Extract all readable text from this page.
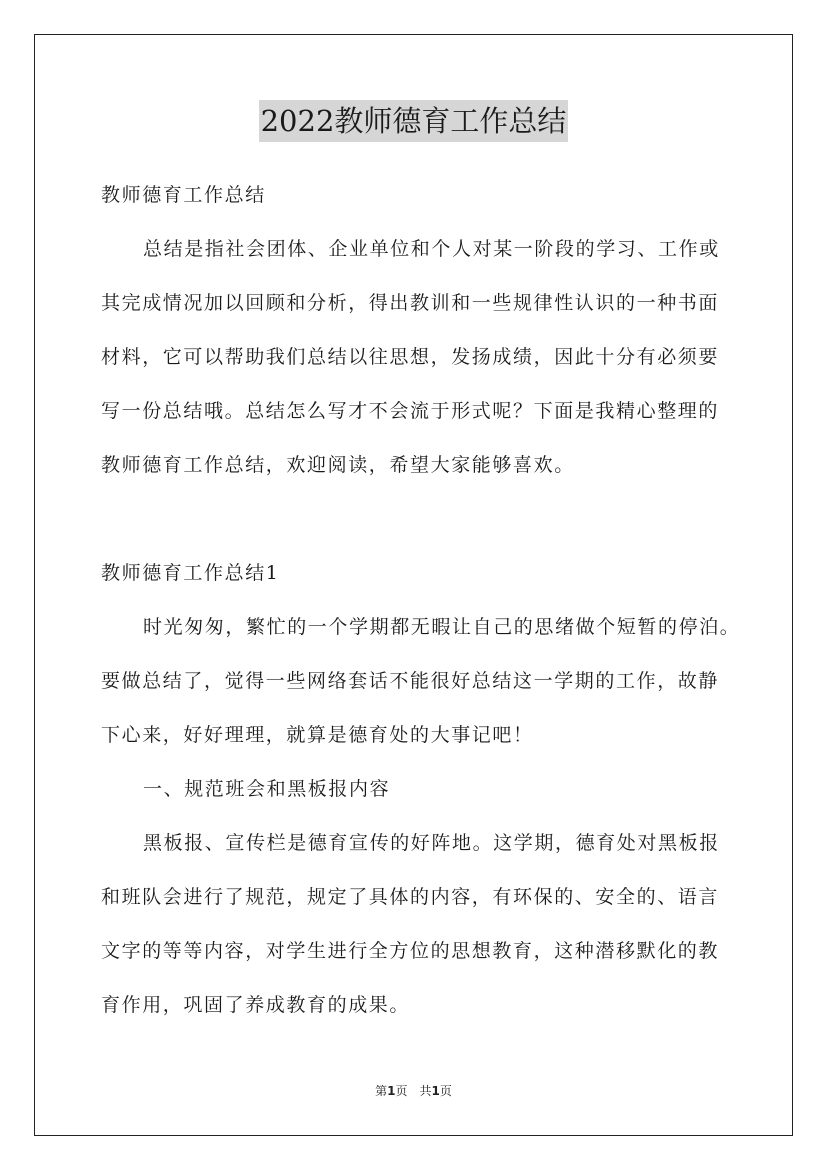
2022教师德育工作总结
教师德育工作总结
总结是指社会团体、企业单位和个人对某一阶段的学习、工作或
其完成情况加以回顾和分析，得出教训和一些规律性认识的一种书面
材料，它可以帮助我们总结以往思想，发扬成绩，因此十分有必须要
写一份总结哦。总结怎么写才不会流于形式呢？下面是我精心整理的
教师德育工作总结，欢迎阅读，希望大家能够喜欢。
教师德育工作总结1
时光匆匆，繁忙的一个学期都无暇让自己的思绪做个短暂的停泊。
要做总结了，觉得一些网络套话不能很好总结这一学期的工作，故静
下心来，好好理理，就算是德育处的大事记吧！
一、规范班会和黑板报内容
黑板报、宣传栏是德育宣传的好阵地。这学期，德育处对黑板报
和班队会进行了规范，规定了具体的内容，有环保的、安全的、语言
文字的等等内容，对学生进行全方位的思想教育，这种潜移默化的教
育作用，巩固了养成教育的成果。
第1页　共1页
